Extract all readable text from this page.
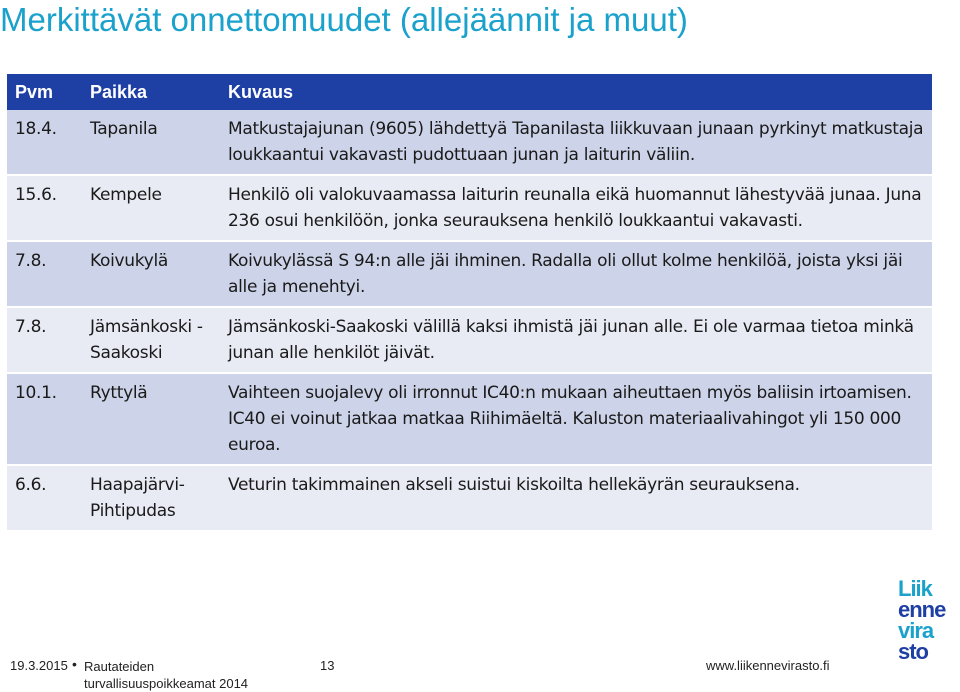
Merkittävät onnettomuudet (allejäännit ja muut)
Pvm	Paikka	Kuvaus
18.4.	Tapanila	Matkustajajunan (9605) lähdettyä Tapanilasta liikkuvaan junaan pyrkinyt matkustaja loukkaantui vakavasti pudottuaan junan ja laiturin väliin.
15.6.	Kempele	Henkilö oli valokuvaamassa laiturin reunalla eikä huomannut lähestyvää junaa. Juna 236 osui henkilöön, jonka seurauksena henkilö loukkaantui vakavasti.
7.8.	Koivukylä	Koivukylässä S 94:n alle jäi ihminen. Radalla oli ollut kolme henkilöä, joista yksi jäi alle ja menehtyi.
7.8.	Jämsänkoski - Saakoski	Jämsänkoski-Saakoski välillä kaksi ihmistä jäi junan alle. Ei ole varmaa tietoa minkä junan alle henkilöt jäivät.
10.1.	Ryttylä	Vaihteen suojalevy oli irronnut IC40:n mukaan aiheuttaen myös baliisin irtoamisen. IC40 ei voinut jatkaa matkaa Riihimäeltä. Kaluston materiaalivahingot yli 150 000 euroa.
6.6.	Haapajärvi-Pihtipudas	Veturin takimmainen akseli suistui kiskoilta hellekäyrän seurauksena.
19.3.2015 • Rautateiden turvallisuuspoikkeamat 2014
13	www.liikennevirasto.fi
Liik
enne
vira
sto
